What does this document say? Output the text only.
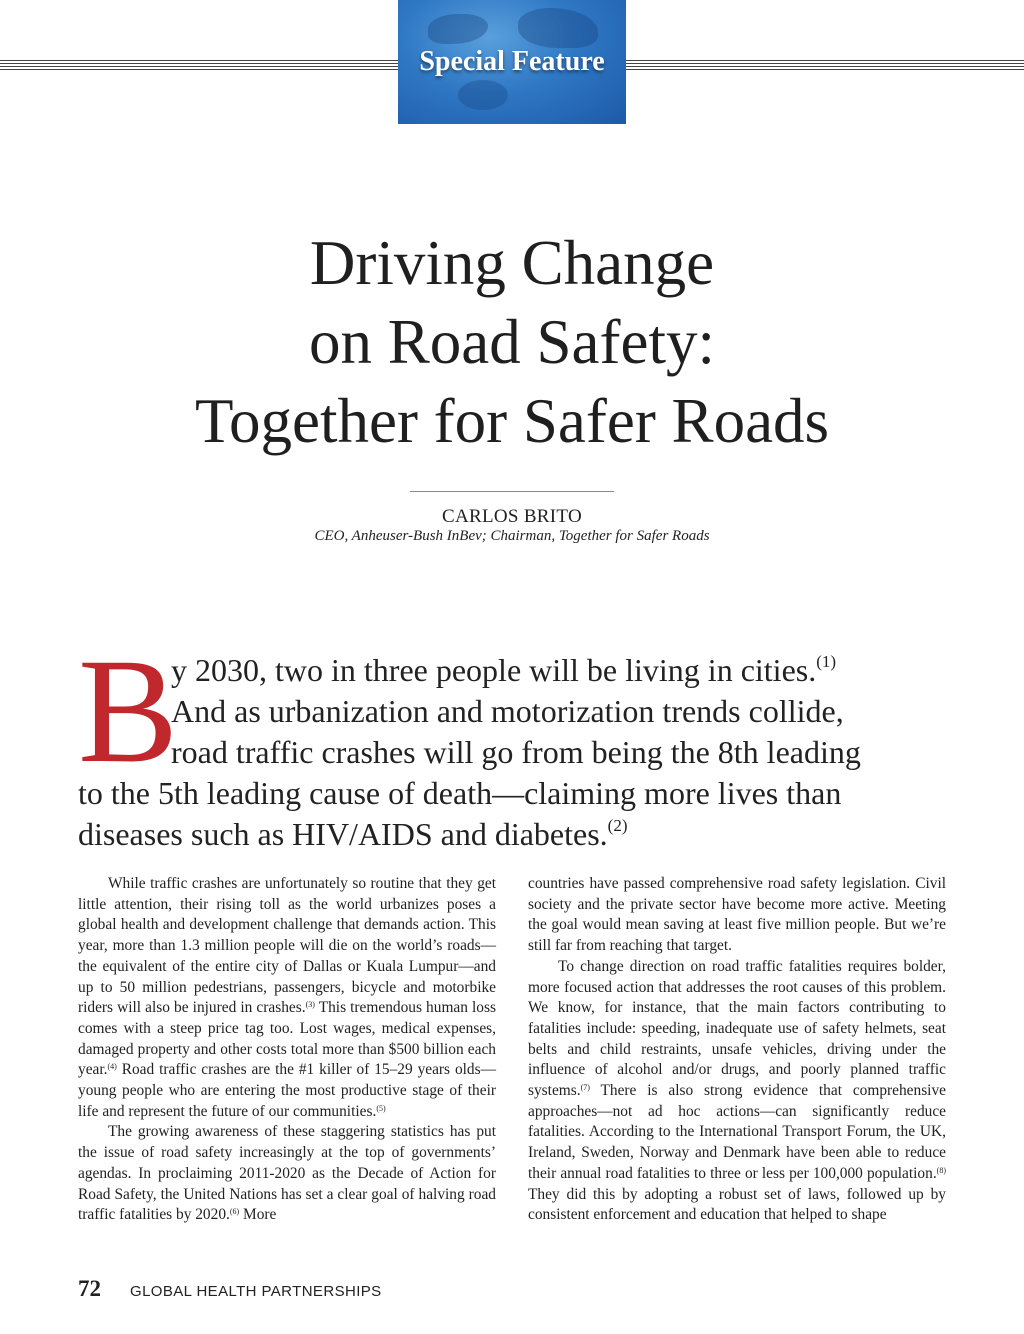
Special Feature
Driving Change
on Road Safety:
Together for Safer Roads
CARLOS BRITO
CEO, Anheuser-Bush InBev; Chairman, Together for Safer Roads
B
y 2030, two in three people will be living in cities.$^{(1)}$
And as urbanization and motorization trends collide,
road traffic crashes will go from being the 8th leading
to the 5th leading cause of death—claiming more lives than
diseases such as HIV/AIDS and diabetes.$^{(2)}$

While traffic crashes are unfortunately so routine that they get little attention, their rising toll as the world urbanizes poses a global health and development challenge that demands action. This year, more than 1.3 million people will die on the world’s roads—the equivalent of the entire city of Dallas or Kuala Lumpur—and up to 50 million pedestrians, passengers, bicycle and motorbike riders will also be injured in crashes.$^{(3)}$ This tremendous human loss comes with a steep price tag too. Lost wages, medical expenses, damaged property and other costs total more than $500 billion each year.$^{(4)}$ Road traffic crashes are the #1 killer of 15–29 years olds—young people who are entering the most productive stage of their life and represent the future of our communities.$^{(5)}$

The growing awareness of these staggering statistics has put the issue of road safety increasingly at the top of governments’ agendas. In proclaiming 2011-2020 as the Decade of Action for Road Safety, the United Nations has set a clear goal of halving road traffic fatalities by 2020.$^{(6)}$ More

countries have passed comprehensive road safety legislation. Civil society and the private sector have become more active. Meeting the goal would mean saving at least five million people. But we’re still far from reaching that target.

To change direction on road traffic fatalities requires bolder, more focused action that addresses the root causes of this problem. We know, for instance, that the main factors contributing to fatalities include: speeding, inadequate use of safety helmets, seat belts and child restraints, unsafe vehicles, driving under the influence of alcohol and/or drugs, and poorly planned traffic systems.$^{(7)}$ There is also strong evidence that comprehensive approaches—not ad hoc actions—can significantly reduce fatalities. According to the International Transport Forum, the UK, Ireland, Sweden, Norway and Denmark have been able to reduce their annual road fatalities to three or less per 100,000 population.$^{(8)}$ They did this by adopting a robust set of laws, followed up by consistent enforcement and education that helped to shape

72 GLOBAL HEALTH PARTNERSHIPS
